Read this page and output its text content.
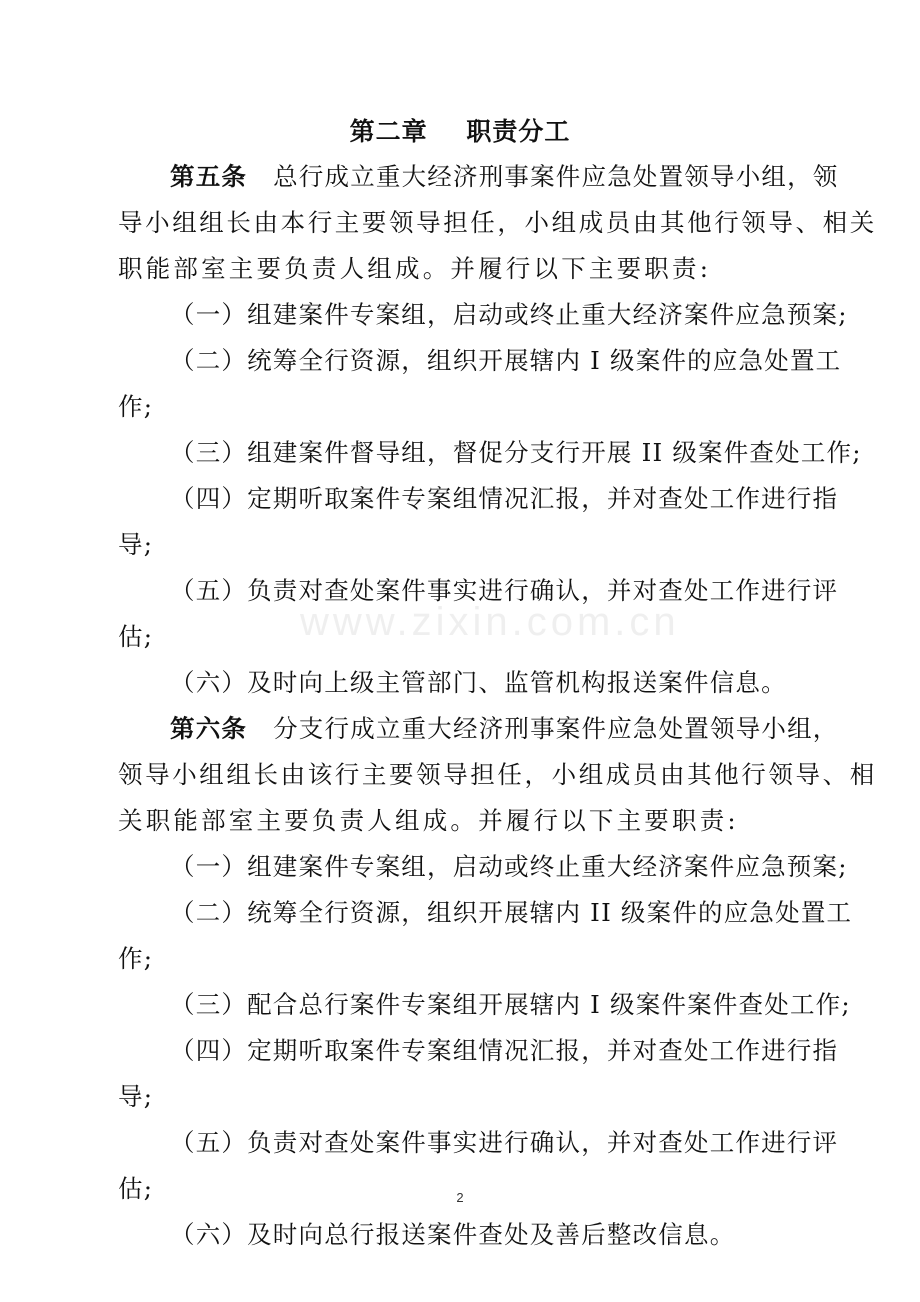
www.zixin.com.cn
第二章    职责分工
第五条 总行成立重大经济刑事案件应急处置领导小组，领
导小组组长由本行主要领导担任，小组成员由其他行领导、相关
职能部室主要负责人组成。并履行以下主要职责:
（一）组建案件专案组，启动或终止重大经济案件应急预案;
（二）统筹全行资源，组织开展辖内 I 级案件的应急处置工
作;
（三）组建案件督导组，督促分支行开展 II 级案件查处工作;
（四）定期听取案件专案组情况汇报，并对查处工作进行指
导;
（五）负责对查处案件事实进行确认，并对查处工作进行评
估;
（六）及时向上级主管部门、监管机构报送案件信息。
第六条 分支行成立重大经济刑事案件应急处置领导小组，
领导小组组长由该行主要领导担任，小组成员由其他行领导、相
关职能部室主要负责人组成。并履行以下主要职责:
（一）组建案件专案组，启动或终止重大经济案件应急预案;
（二）统筹全行资源，组织开展辖内 II 级案件的应急处置工
作;
（三）配合总行案件专案组开展辖内 I 级案件案件查处工作;
（四）定期听取案件专案组情况汇报，并对查处工作进行指
导;
（五）负责对查处案件事实进行确认，并对查处工作进行评
估;
（六）及时向总行报送案件查处及善后整改信息。
2
